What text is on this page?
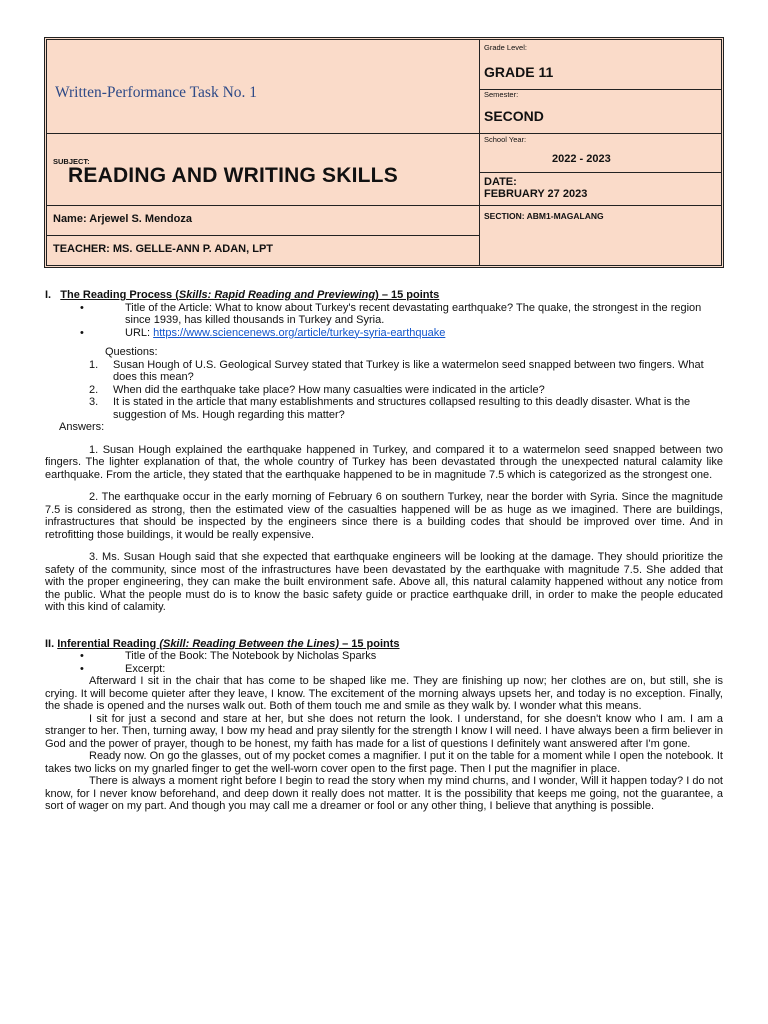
Written-Performance Task No. 1
SUBJECT:
READING AND WRITING SKILLS
Name: Arjewel S. Mendoza
TEACHER: MS. GELLE-ANN P. ADAN, LPT
Grade Level:
GRADE 11
Semester:
SECOND
School Year:
2022 - 2023
DATE:
FEBRUARY 27 2023
SECTION: ABM1-MAGALANG
I. The Reading Process (Skills: Rapid Reading and Previewing) – 15 points
• Title of the Article: What to know about Turkey's recent devastating earthquake? The quake, the strongest in the region since 1939, has killed thousands in Turkey and Syria.
• URL: https://www.sciencenews.org/article/turkey-syria-earthquake
Questions:
1. Susan Hough of U.S. Geological Survey stated that Turkey is like a watermelon seed snapped between two fingers. What does this mean?
2. When did the earthquake take place? How many casualties were indicated in the article?
3. It is stated in the article that many establishments and structures collapsed resulting to this deadly disaster. What is the suggestion of Ms. Hough regarding this matter?
Answers:

1. Susan Hough explained the earthquake happened in Turkey, and compared it to a watermelon seed snapped between two fingers. The lighter explanation of that, the whole country of Turkey has been devastated through the unexpected natural calamity like earthquake. From the article, they stated that the earthquake happened to be in magnitude 7.5 which is categorized as the strongest one.

2. The earthquake occur in the early morning of February 6 on southern Turkey, near the border with Syria. Since the magnitude 7.5 is considered as strong, then the estimated view of the casualties happened will be as huge as we imagined. There are buildings, infrastructures that should be inspected by the engineers since there is a building codes that should be improved over time. And in retrofitting those buildings, it would be really expensive.

3. Ms. Susan Hough said that she expected that earthquake engineers will be looking at the damage. They should prioritize the safety of the community, since most of the infrastructures have been devastated by the earthquake with magnitude 7.5. She added that with the proper engineering, they can make the built environment safe. Above all, this natural calamity happened without any notice from the public. What the people must do is to know the basic safety guide or practice earthquake drill, in order to make the people educated with this kind of calamity.

II. Inferential Reading (Skill: Reading Between the Lines) – 15 points
• Title of the Book: The Notebook by Nicholas Sparks
• Excerpt:

Afterward I sit in the chair that has come to be shaped like me. They are finishing up now; her clothes are on, but still, she is crying. It will become quieter after they leave, I know. The excitement of the morning always upsets her, and today is no exception. Finally, the shade is opened and the nurses walk out. Both of them touch me and smile as they walk by. I wonder what this means.

I sit for just a second and stare at her, but she does not return the look. I understand, for she doesn't know who I am. I am a stranger to her. Then, turning away, I bow my head and pray silently for the strength I know I will need. I have always been a firm believer in God and the power of prayer, though to be honest, my faith has made for a list of questions I definitely want answered after I'm gone.

Ready now. On go the glasses, out of my pocket comes a magnifier. I put it on the table for a moment while I open the notebook. It takes two licks on my gnarled finger to get the well-worn cover open to the first page. Then I put the magnifier in place.

There is always a moment right before I begin to read the story when my mind churns, and I wonder, Will it happen today? I do not know, for I never know beforehand, and deep down it really does not matter. It is the possibility that keeps me going, not the guarantee, a sort of wager on my part. And though you may call me a dreamer or fool or any other thing, I believe that anything is possible.
